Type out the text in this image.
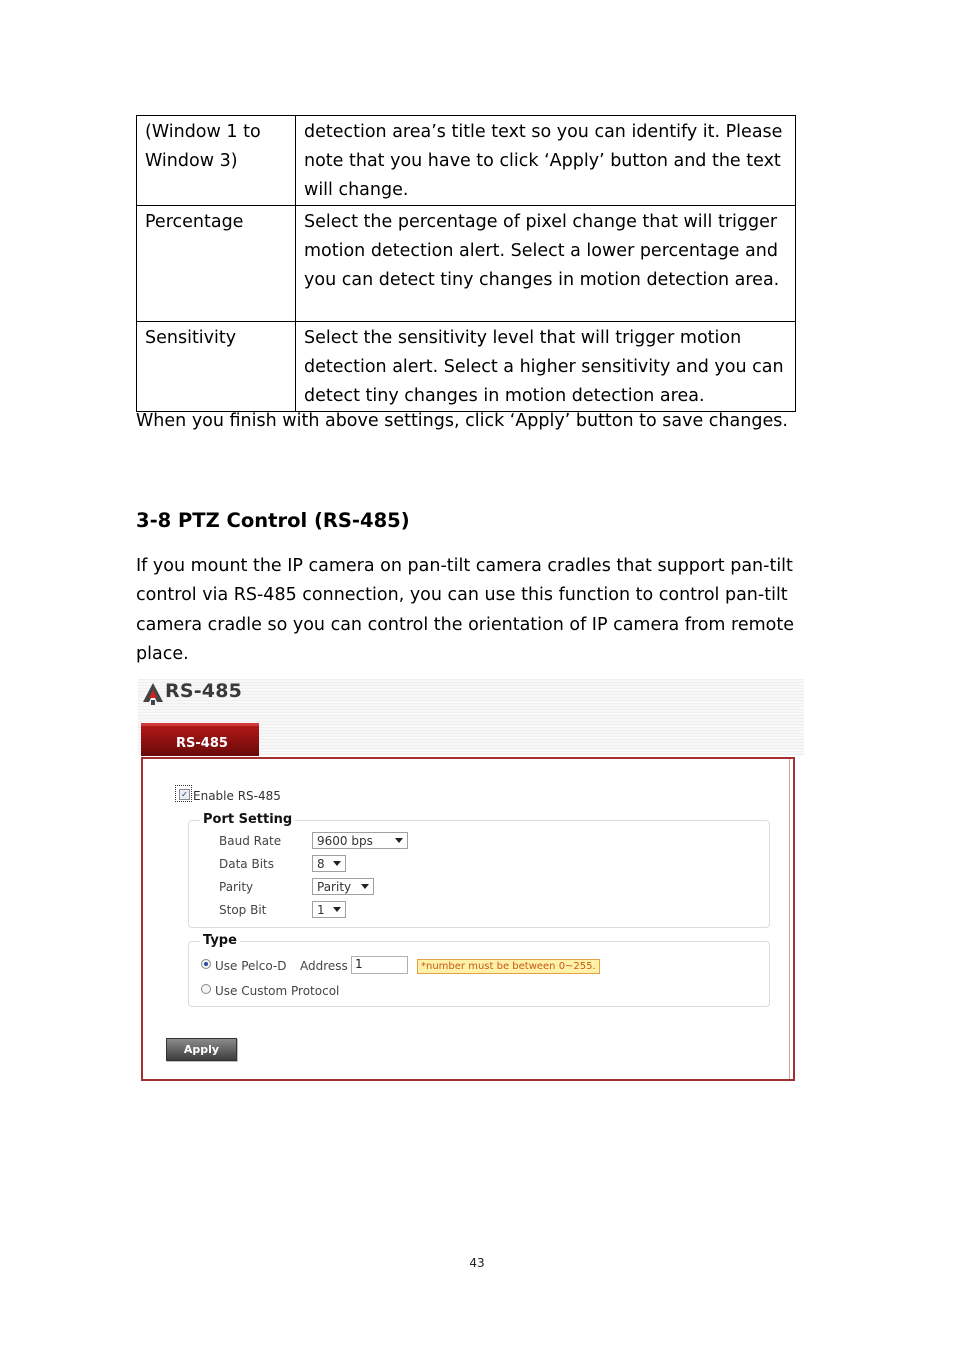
(Window 1 to Window 3)	detection area’s title text so you can identify it. Please note that you have to click ‘Apply’ button and the text will change.
Percentage	Select the percentage of pixel change that will trigger motion detection alert. Select a lower percentage and you can detect tiny changes in motion detection area.
Sensitivity	Select the sensitivity level that will trigger motion detection alert. Select a higher sensitivity and you can detect tiny changes in motion detection area.
When you finish with above settings, click ‘Apply’ button to save changes.
3-8 PTZ Control (RS-485)
If you mount the IP camera on pan-tilt camera cradles that support pan-tilt control via RS-485 connection, you can use this function to control pan-tilt camera cradle so you can control the orientation of IP camera from remote place.
RS-485
RS-485
✓ Enable RS-485
Port Setting
Baud Rate	9600 bps
Data Bits	8
Parity	Parity
Stop Bit	1
Type
Use Pelco-D Address 1	*number must be between 0~255.
Use Custom Protocol
Apply
43
